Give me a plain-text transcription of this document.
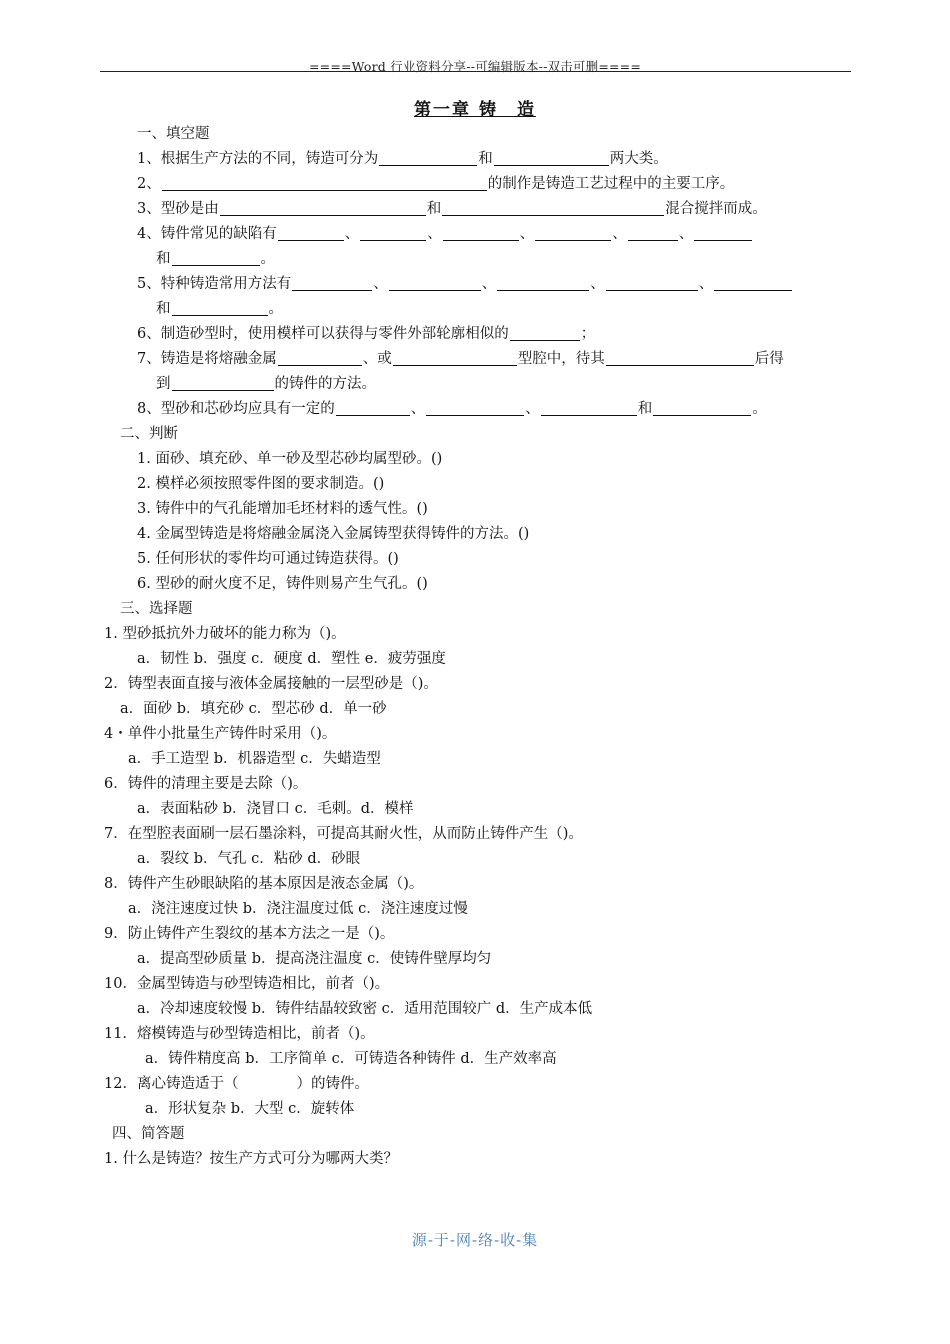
====Word 行业资料分享--可编辑版本--双击可删====
第一章 铸　造
一、填空题
1、根据生产方法的不同，铸造可分为	和	两大类。
2、	的制作是铸造工艺过程中的主要工序。
3、型砂是由	和	混合搅拌而成。
4、铸件常见的缺陷有	、	、	、	、	、
和	。
5、特种铸造常用方法有	、	、	、	、
和	。
6、制造砂型时，使用模样可以获得与零件外部轮廓相似的	；
7、铸造是将熔融金属	、或	型腔中，待其	后得
到	的铸件的方法。
8、型砂和芯砂均应具有一定的	、	、	和	。
二、判断
1. 面砂、填充砂、单一砂及型芯砂均属型砂。()
2. 模样必须按照零件图的要求制造。()
3. 铸件中的气孔能增加毛坯材料的透气性。()
4. 金属型铸造是将熔融金属浇入金属铸型获得铸件的方法。()
5. 任何形状的零件均可通过铸造获得。()
6. 型砂的耐火度不足，铸件则易产生气孔。()
三、选择题
1. 型砂抵抗外力破坏的能力称为（)。
a．韧性 b．强度 c．硬度 d．塑性 e．疲劳强度
2．铸型表面直接与液体金属接触的一层型砂是（)。
a．面砂 b．填充砂 c．型芯砂 d．单一砂
4・单件小批量生产铸件时采用（)。
a．手工造型 b．机器造型 c．失蜡造型
6．铸件的清理主要是去除（)。
a．表面粘砂 b．浇冒口 c．毛刺。d．模样
7．在型腔表面刷一层石墨涂料，可提高其耐火性，从而防止铸件产生（)。
a．裂纹 b．气孔 c．粘砂 d．砂眼
8．铸件产生砂眼缺陷的基本原因是液态金属（)。
a．浇注速度过快 b．浇注温度过低 c．浇注速度过慢
9．防止铸件产生裂纹的基本方法之一是（)。
a．提高型砂质量 b．提高浇注温度 c．使铸件壁厚均匀
10．金属型铸造与砂型铸造相比，前者（)。
a．冷却速度较慢 b．铸件结晶较致密 c．适用范围较广 d．生产成本低
11．熔模铸造与砂型铸造相比，前者（)。
a．铸件精度高 b．工序简单 c．可铸造各种铸件 d．生产效率高
12．离心铸造适于（　　　　）的铸件。
a．形状复杂 b．大型 c．旋转体
四、简答题
1. 什么是铸造？按生产方式可分为哪两大类？
源-于-网-络-收-集
